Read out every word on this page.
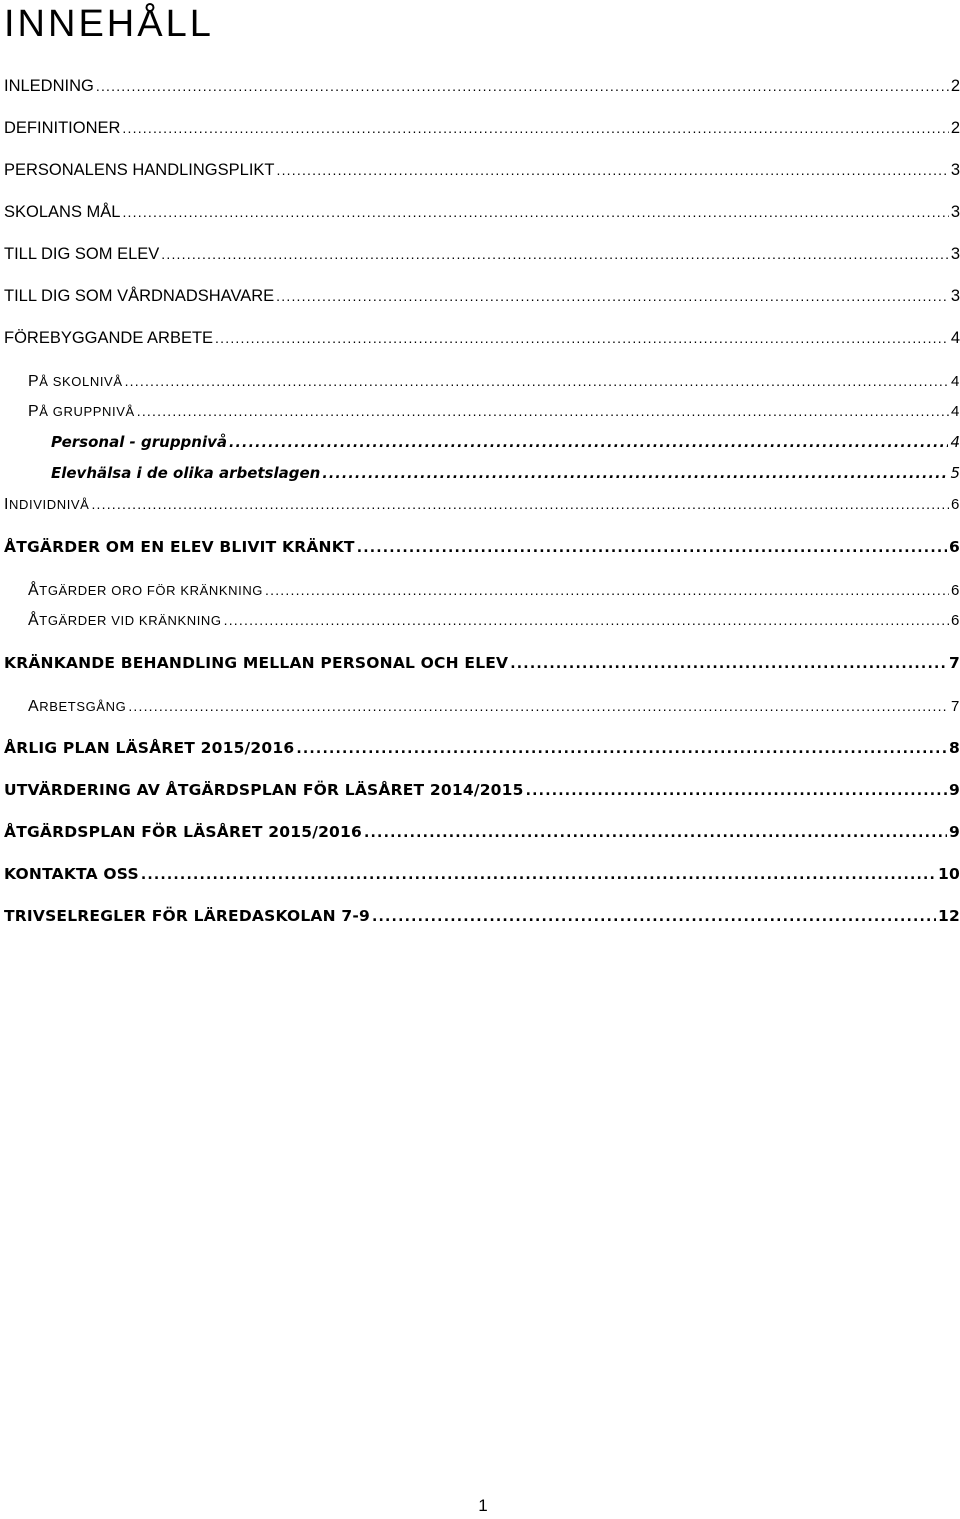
INNEHÅLL
INLEDNING .....	2
DEFINITIONER .....	2
PERSONALENS HANDLINGSPLIKT .....	3
SKOLANS MÅL .....	3
TILL DIG SOM ELEV .....	3
TILL DIG SOM VÅRDNADSHAVARE .....	3
FÖREBYGGANDE ARBETE .....	4
PÅ SKOLNIVÅ .....	4
PÅ GRUPPNIVÅ .....	4
Personal - gruppnivå .....	4
Elevhälsa i de olika arbetslagen .....	5
INDIVIDNIVÅ .....	6
ÅTGÄRDER OM EN ELEV BLIVIT KRÄNKT .....	6
ÅTGÄRDER ORO FÖR KRÄNKNING .....	6
ÅTGÄRDER VID KRÄNKNING .....	6
KRÄNKANDE BEHANDLING MELLAN PERSONAL OCH ELEV .....	7
ARBETSGÅNG .....	7
ÅRLIG PLAN LÄSÅRET 2015/2016 .....	8
UTVÄRDERING AV ÅTGÄRDSPLAN FÖR LÄSÅRET 2014/2015 .....	9
ÅTGÄRDSPLAN FÖR LÄSÅRET 2015/2016 .....	9
KONTAKTA OSS .....	10
TRIVSELREGLER FÖR LÄREDASKOLAN 7-9 .....	12
1
